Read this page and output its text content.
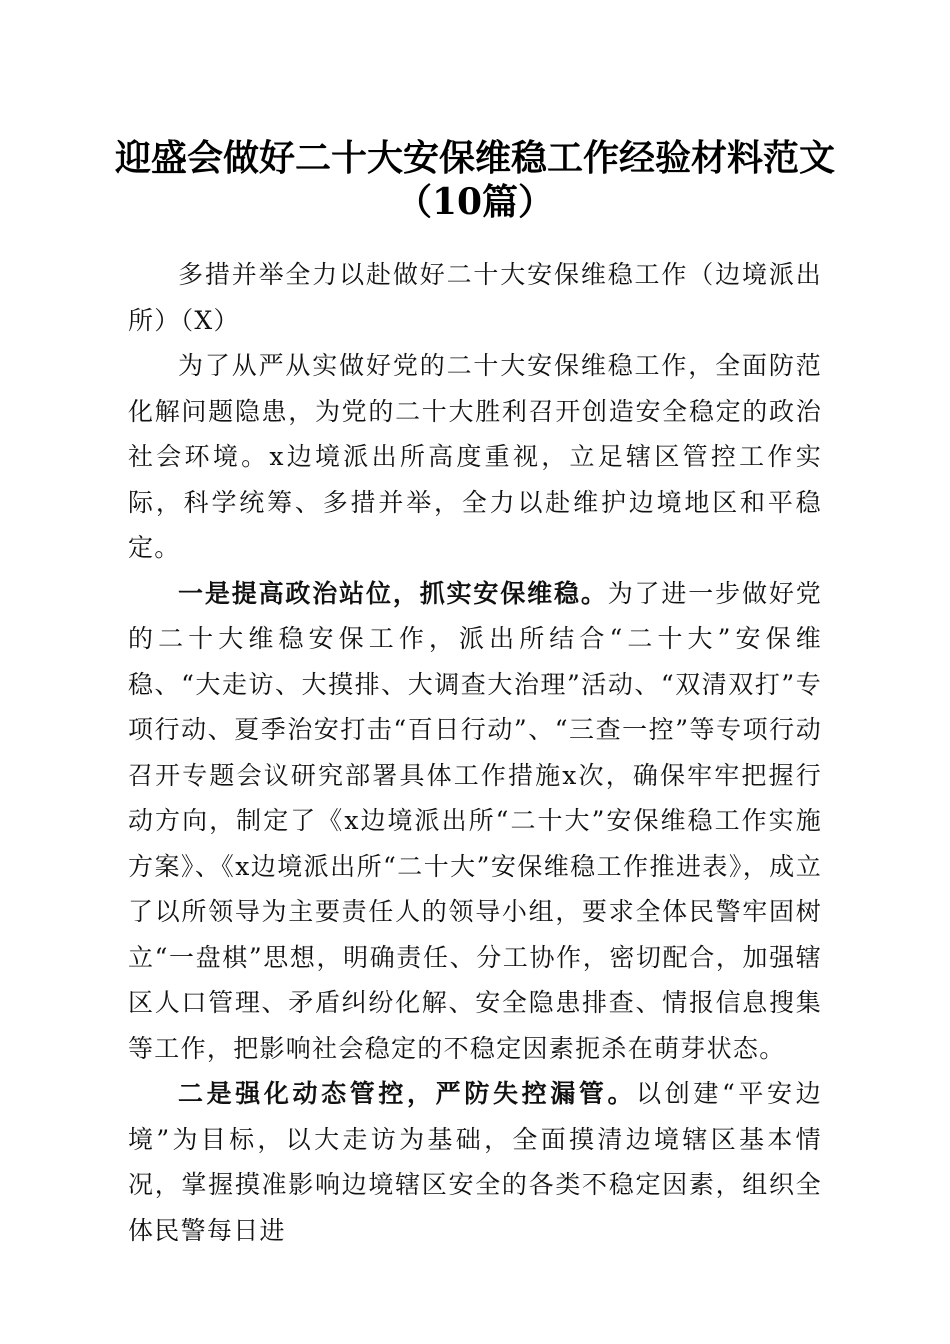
迎盛会做好二十大安保维稳工作经验材料范文
（10篇）

多措并举全力以赴做好二十大安保维稳工作（边境派出所）（X）

为了从严从实做好党的二十大安保维稳工作，全面防范化解问题隐患，为党的二十大胜利召开创造安全稳定的政治社会环境。x边境派出所高度重视，立足辖区管控工作实际，科学统筹、多措并举，全力以赴维护边境地区和平稳定。

一是提高政治站位，抓实安保维稳。为了进一步做好党的二十大维稳安保工作，派出所结合“二十大”安保维稳、“大走访、大摸排、大调查大治理”活动、“双清双打”专项行动、夏季治安打击“百日行动”、“三查一控”等专项行动召开专题会议研究部署具体工作措施x次，确保牢牢把握行动方向，制定了《x边境派出所“二十大”安保维稳工作实施方案》、《x边境派出所“二十大”安保维稳工作推进表》，成立了以所领导为主要责任人的领导小组，要求全体民警牢固树立“一盘棋”思想，明确责任、分工协作，密切配合，加强辖区人口管理、矛盾纠纷化解、安全隐患排查、情报信息搜集等工作，把影响社会稳定的不稳定因素扼杀在萌芽状态。

二是强化动态管控，严防失控漏管。以创建“平安边境”为目标，以大走访为基础，全面摸清边境辖区基本情况，掌握摸准影响边境辖区安全的各类不稳定因素，组织全体民警每日进
